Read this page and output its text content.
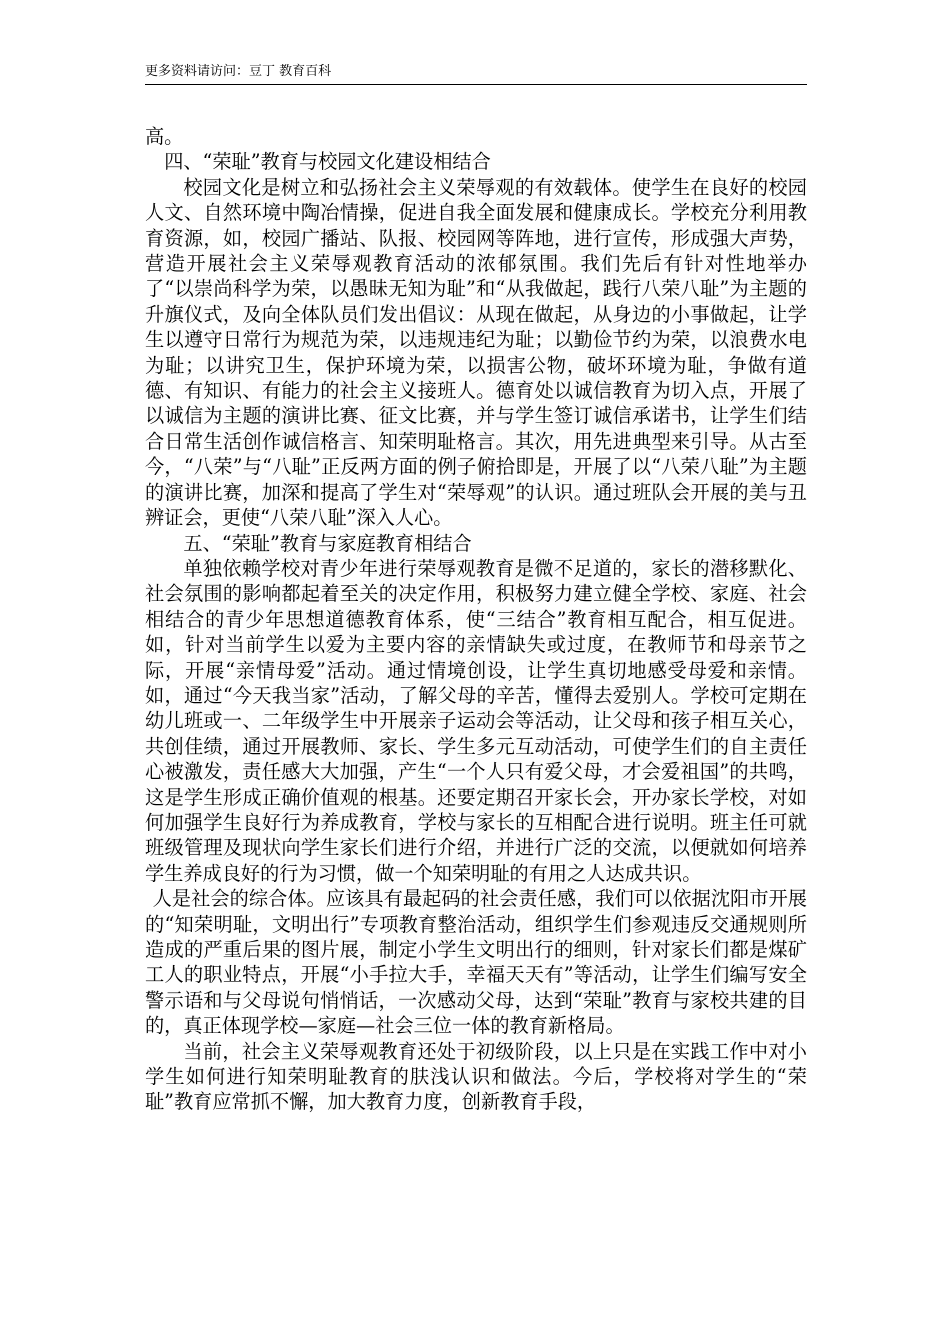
更多资料请访问：豆丁 教育百科

高。

四、“荣耻”教育与校园文化建设相结合

校园文化是树立和弘扬社会主义荣辱观的有效载体。使学生在良好的校园人文、自然环境中陶冶情操，促进自我全面发展和健康成长。学校充分利用教育资源，如，校园广播站、队报、校园网等阵地，进行宣传，形成强大声势，营造开展社会主义荣辱观教育活动的浓郁氛围。我们先后有针对性地举办了“以崇尚科学为荣，以愚昧无知为耻”和“从我做起，践行八荣八耻”为主题的升旗仪式，及向全体队员们发出倡议：从现在做起，从身边的小事做起，让学生以遵守日常行为规范为荣，以违规违纪为耻；以勤俭节约为荣，以浪费水电为耻；以讲究卫生，保护环境为荣，以损害公物，破坏环境为耻，争做有道德、有知识、有能力的社会主义接班人。德育处以诚信教育为切入点，开展了以诚信为主题的演讲比赛、征文比赛，并与学生签订诚信承诺书，让学生们结合日常生活创作诚信格言、知荣明耻格言。其次，用先进典型来引导。从古至今，“八荣”与“八耻”正反两方面的例子俯拾即是，开展了以“八荣八耻”为主题的演讲比赛，加深和提高了学生对“荣辱观”的认识。通过班队会开展的美与丑辨证会，更使“八荣八耻”深入人心。

五、“荣耻”教育与家庭教育相结合

单独依赖学校对青少年进行荣辱观教育是微不足道的，家长的潜移默化、社会氛围的影响都起着至关的决定作用，积极努力建立健全学校、家庭、社会相结合的青少年思想道德教育体系，使“三结合”教育相互配合，相互促进。如，针对当前学生以爱为主要内容的亲情缺失或过度，在教师节和母亲节之际，开展“亲情母爱”活动。通过情境创设，让学生真切地感受母爱和亲情。如，通过“今天我当家”活动，了解父母的辛苦，懂得去爱别人。学校可定期在幼儿班或一、二年级学生中开展亲子运动会等活动，让父母和孩子相互关心，共创佳绩，通过开展教师、家长、学生多元互动活动，可使学生们的自主责任心被激发，责任感大大加强，产生“一个人只有爱父母，才会爱祖国”的共鸣，这是学生形成正确价值观的根基。还要定期召开家长会，开办家长学校，对如何加强学生良好行为养成教育，学校与家长的互相配合进行说明。班主任可就班级管理及现状向学生家长们进行介绍，并进行广泛的交流，以便就如何培养学生养成良好的行为习惯，做一个知荣明耻的有用之人达成共识。

人是社会的综合体。应该具有最起码的社会责任感，我们可以依据沈阳市开展的“知荣明耻，文明出行”专项教育整治活动，组织学生们参观违反交通规则所造成的严重后果的图片展，制定小学生文明出行的细则，针对家长们都是煤矿工人的职业特点，开展“小手拉大手，幸福天天有”等活动，让学生们编写安全警示语和与父母说句悄悄话，一次感动父母，达到“荣耻”教育与家校共建的目的，真正体现学校—家庭—社会三位一体的教育新格局。

当前，社会主义荣辱观教育还处于初级阶段，以上只是在实践工作中对小学生如何进行知荣明耻教育的肤浅认识和做法。今后，学校将对学生的“荣耻”教育应常抓不懈，加大教育力度，创新教育手段，
